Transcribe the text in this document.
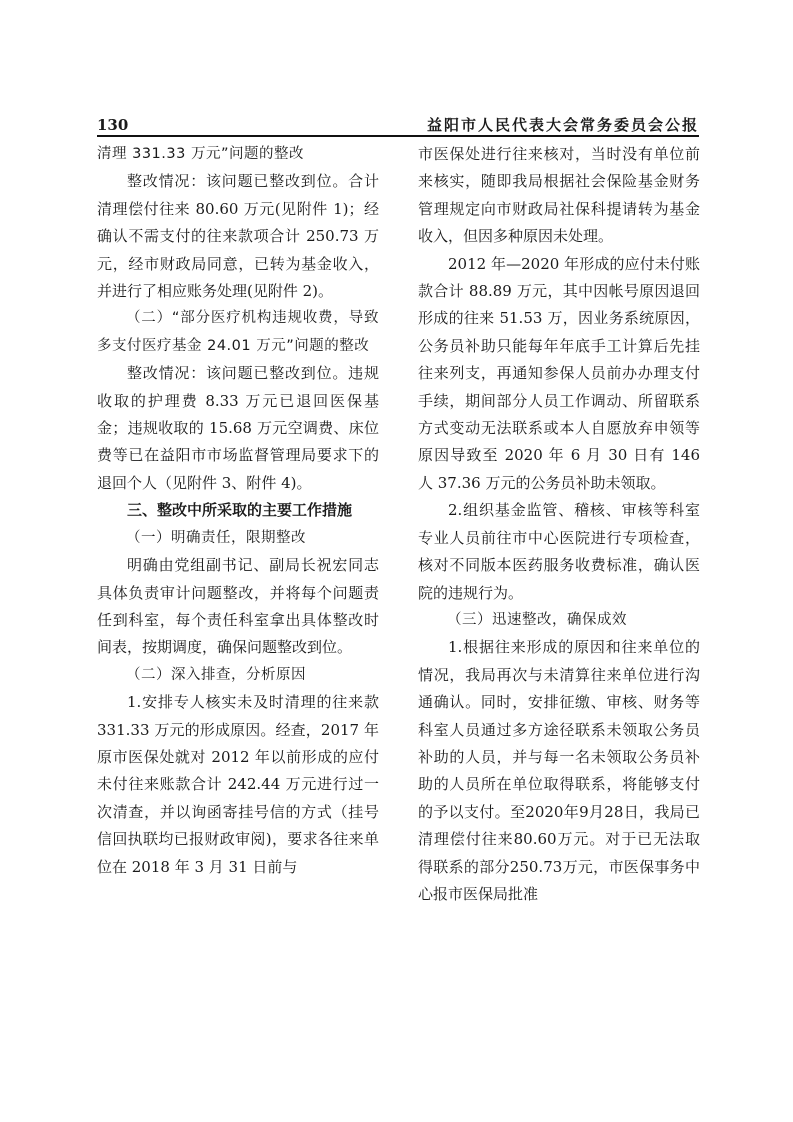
130	益阳市人民代表大会常务委员会公报

清理 331.33 万元”问题的整改

整改情况：该问题已整改到位。合计清理偿付往来 80.60 万元(见附件 1)；经确认不需支付的往来款项合计 250.73 万元，经市财政局同意，已转为基金收入，并进行了相应账务处理(见附件 2)。

（二）“部分医疗机构违规收费，导致多支付医疗基金 24.01 万元”问题的整改

整改情况：该问题已整改到位。违规收取的护理费 8.33 万元已退回医保基金；违规收取的 15.68 万元空调费、床位费等已在益阳市市场监督管理局要求下的退回个人（见附件 3、附件 4)。

三、整改中所采取的主要工作措施

（一）明确责任，限期整改

明确由党组副书记、副局长祝宏同志具体负责审计问题整改，并将每个问题责任到科室，每个责任科室拿出具体整改时间表，按期调度，确保问题整改到位。

（二）深入排查，分析原因

1.安排专人核实未及时清理的往来款 331.33 万元的形成原因。经查，2017 年原市医保处就对 2012 年以前形成的应付未付往来账款合计 242.44 万元进行过一次清查，并以询函寄挂号信的方式（挂号信回执联均已报财政审阅)，要求各往来单位在 2018 年 3 月 31 日前与

市医保处进行往来核对，当时没有单位前来核实，随即我局根据社会保险基金财务管理规定向市财政局社保科提请转为基金收入，但因多种原因未处理。

2012 年—2020 年形成的应付未付账款合计 88.89 万元，其中因帐号原因退回形成的往来 51.53 万，因业务系统原因，公务员补助只能每年年底手工计算后先挂往来列支，再通知参保人员前办办理支付手续，期间部分人员工作调动、所留联系方式变动无法联系或本人自愿放弃申领等原因导致至 2020 年 6 月 30 日有 146 人 37.36 万元的公务员补助未领取。

2.组织基金监管、稽核、审核等科室专业人员前往市中心医院进行专项检查，核对不同版本医药服务收费标准，确认医院的违规行为。

（三）迅速整改，确保成效

1.根据往来形成的原因和往来单位的情况，我局再次与未清算往来单位进行沟通确认。同时，安排征缴、审核、财务等科室人员通过多方途径联系未领取公务员补助的人员，并与每一名未领取公务员补助的人员所在单位取得联系，将能够支付的予以支付。至2020年9月28日，我局已清理偿付往来80.60万元。对于已无法取得联系的部分250.73万元，市医保事务中心报市医保局批准
